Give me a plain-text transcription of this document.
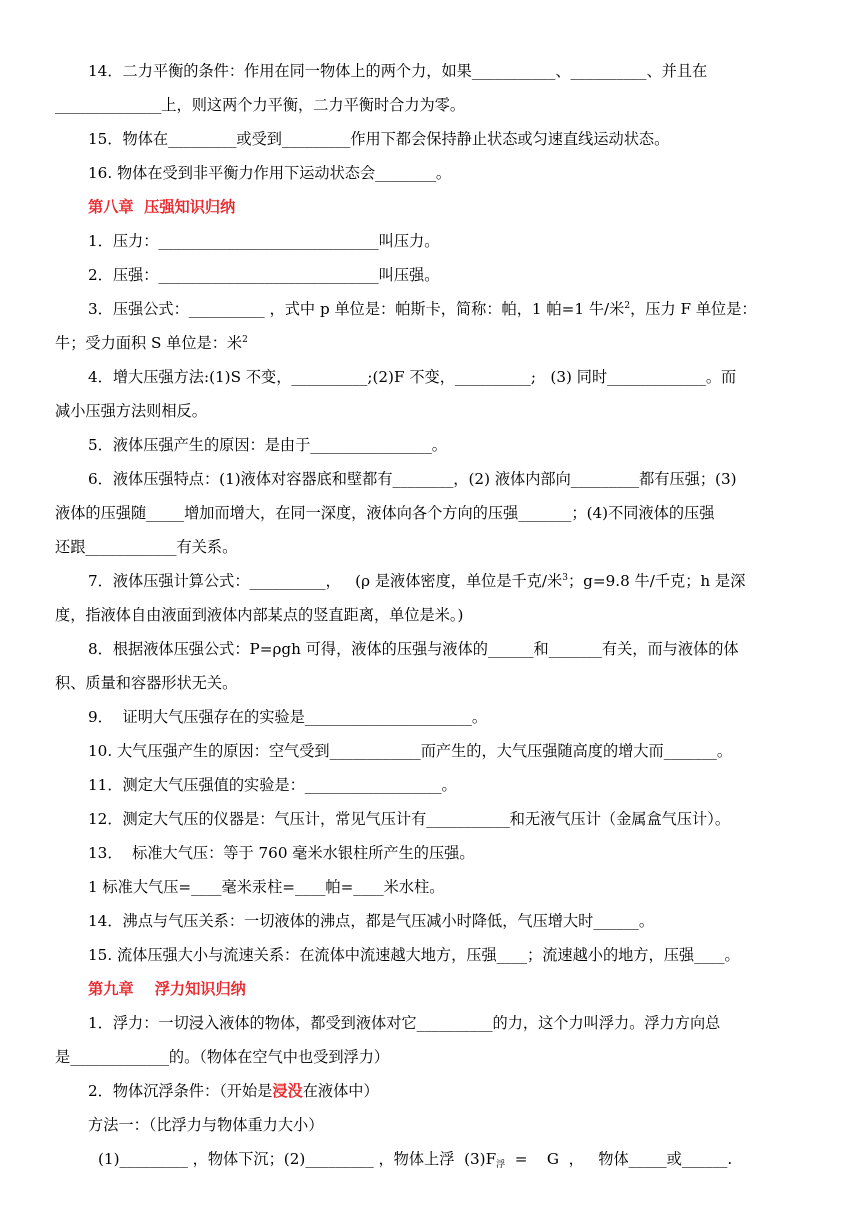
14．二力平衡的条件：作用在同一物体上的两个力，如果___________、__________、并且在
______________上，则这两个力平衡，二力平衡时合力为零。
15．物体在_________或受到_________作用下都会保持静止状态或匀速直线运动状态。
16. 物体在受到非平衡力作用下运动状态会________。
第八章  压强知识归纳
1．压力：_____________________________叫压力。
2．压强：_____________________________叫压强。
3．压强公式：__________ ，式中 p 单位是：帕斯卡，简称：帕，1 帕=1 牛/米$^2$，压力 F 单位是：
牛；受力面积 S 单位是：米$^2$
4．增大压强方法:(1)S 不变，__________;(2)F 不变，__________;   (3) 同时_____________。而
减小压强方法则相反。
5．液体压强产生的原因：是由于________________。
6．液体压强特点：(1)液体对容器底和壁都有________，(2) 液体内部向_________都有压强；(3)
液体的压强随_____增加而增大，在同一深度，液体向各个方向的压强_______；(4)不同液体的压强
还跟____________有关系。
7．液体压强计算公式：__________，   (ρ 是液体密度，单位是千克/米$^3$；g=9.8 牛/千克；h 是深
度，指液体自由液面到液体内部某点的竖直距离，单位是米。)
8．根据液体压强公式：P=ρgh 可得，液体的压强与液体的______和_______有关，而与液体的体
积、质量和容器形状无关。
9．  证明大气压强存在的实验是______________________。
10. 大气压强产生的原因：空气受到____________而产生的，大气压强随高度的增大而_______。
11．测定大气压强值的实验是：__________________。
12．测定大气压的仪器是：气压计，常见气压计有___________和无液气压计（金属盒气压计）。
13．  标准大气压：等于 760 毫米水银柱所产生的压强。
1 标准大气压=____毫米汞柱=____帕=____米水柱。
14．沸点与气压关系：一切液体的沸点，都是气压减小时降低，气压增大时______。
15. 流体压强大小与流速关系：在流体中流速越大地方，压强____；流速越小的地方，压强____。
第九章    浮力知识归纳
1．浮力：一切浸入液体的物体，都受到液体对它__________的力，这个力叫浮力。浮力方向总
是_____________的。（物体在空气中也受到浮力）
2．物体沉浮条件：（开始是浸没在液体中）
方法一：（比浮力与物体重力大小）
(1)_________ ，物体下沉；(2)_________ ，物体上浮  $(3)F_浮$  =    G  ，   物体_____或______.
